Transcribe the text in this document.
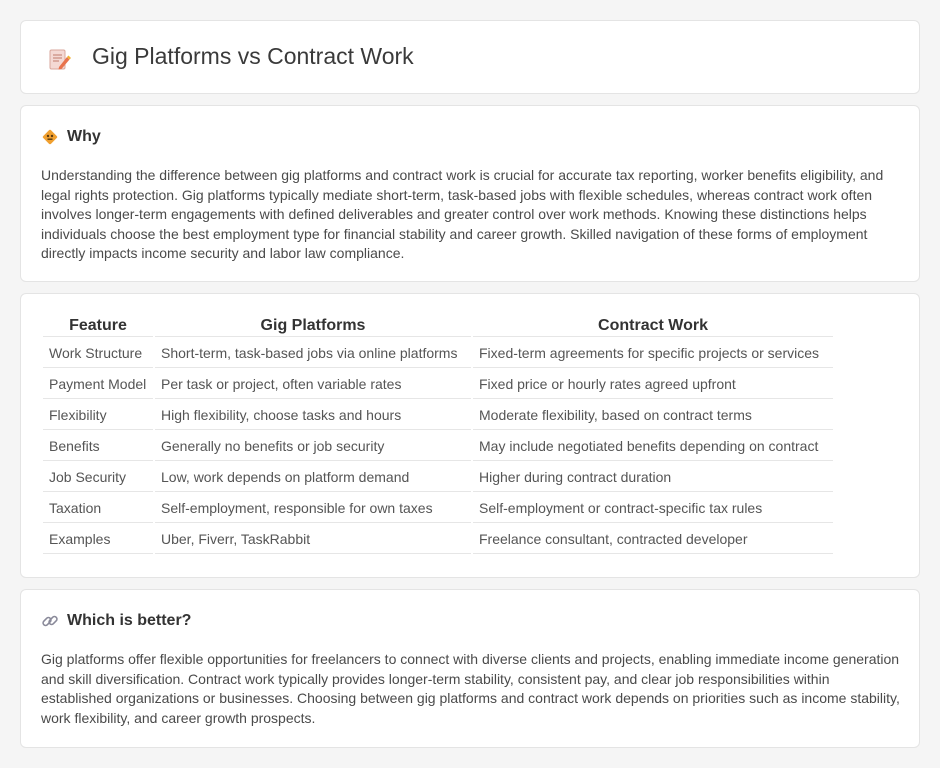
Gig Platforms vs Contract Work
Why

Understanding the difference between gig platforms and contract work is crucial for accurate tax reporting, worker benefits eligibility, and legal rights protection. Gig platforms typically mediate short-term, task-based jobs with flexible schedules, whereas contract work often involves longer-term engagements with defined deliverables and greater control over work methods. Knowing these distinctions helps individuals choose the best employment type for financial stability and career growth. Skilled navigation of these forms of employment directly impacts income security and labor law compliance.

Feature	Gig Platforms	Contract Work
Work Structure	Short-term, task-based jobs via online platforms	Fixed-term agreements for specific projects or services
Payment Model	Per task or project, often variable rates	Fixed price or hourly rates agreed upfront
Flexibility	High flexibility, choose tasks and hours	Moderate flexibility, based on contract terms
Benefits	Generally no benefits or job security	May include negotiated benefits depending on contract
Job Security	Low, work depends on platform demand	Higher during contract duration
Taxation	Self-employment, responsible for own taxes	Self-employment or contract-specific tax rules
Examples	Uber, Fiverr, TaskRabbit	Freelance consultant, contracted developer
Which is better?

Gig platforms offer flexible opportunities for freelancers to connect with diverse clients and projects, enabling immediate income generation and skill diversification. Contract work typically provides longer-term stability, consistent pay, and clear job responsibilities within established organizations or businesses. Choosing between gig platforms and contract work depends on priorities such as income stability, work flexibility, and career growth prospects.
